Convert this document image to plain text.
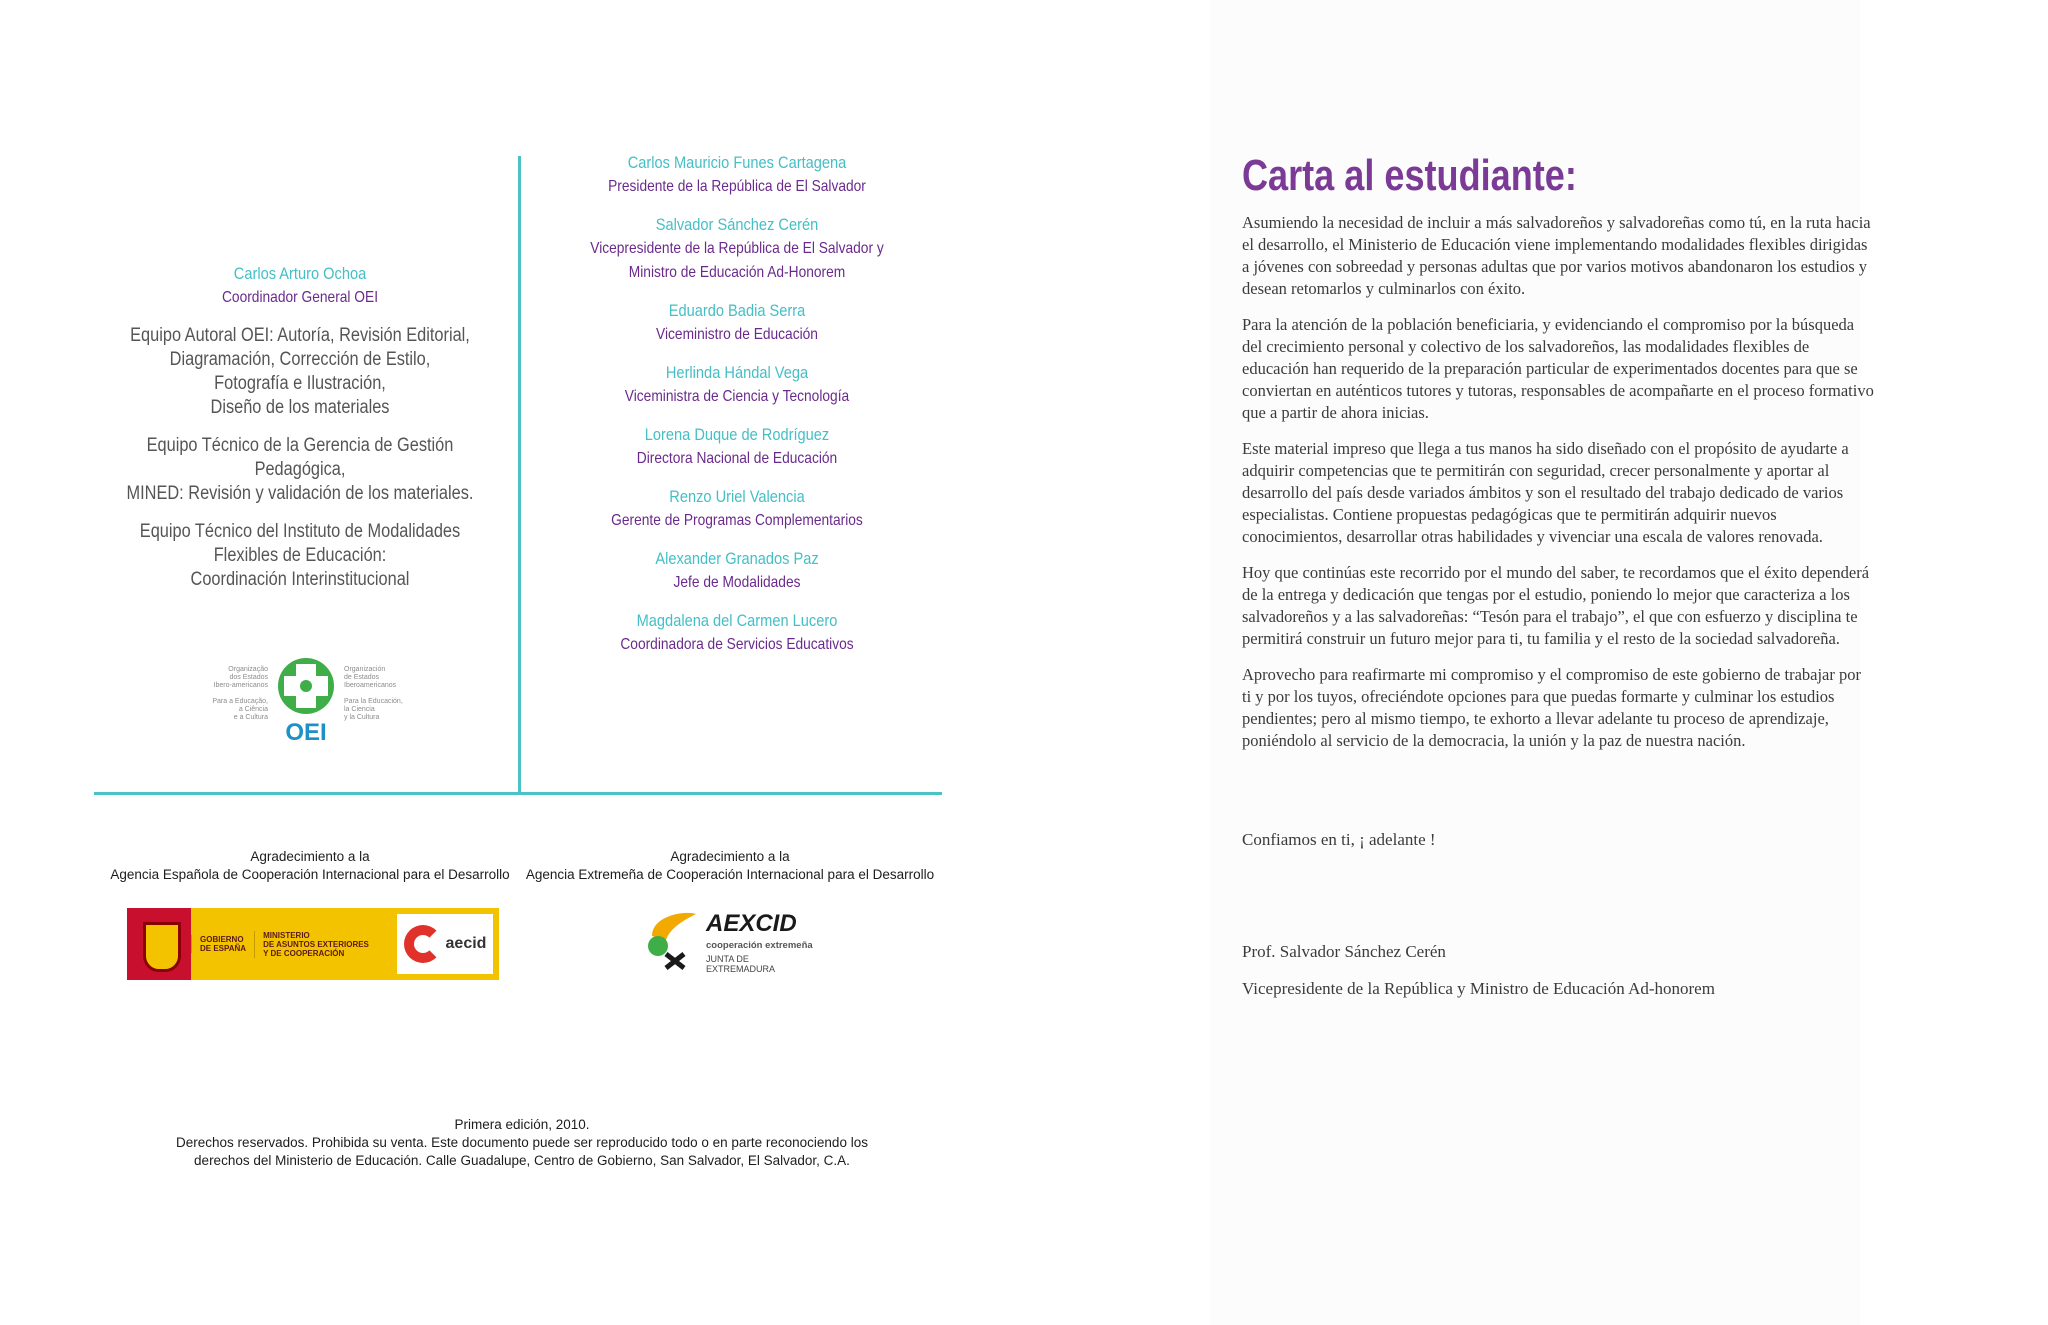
Carlos Arturo Ochoa
Coordinador General OEI
Equipo Autoral OEI: Autoría, Revisión Editorial,
Diagramación, Corrección de Estilo,
Fotografía e Ilustración,
Diseño de los materiales
Equipo Técnico de la Gerencia de Gestión Pedagógica,
MINED: Revisión y validación de los materiales.
Equipo Técnico del Instituto de Modalidades
Flexibles de Educación:
Coordinación Interinstitucional
Carlos Mauricio Funes Cartagena
Presidente de la República de El Salvador
Salvador Sánchez Cerén
Vicepresidente de la República de El Salvador y
Ministro de Educación Ad-Honorem
Eduardo Badia Serra
Viceministro de Educación
Herlinda Hándal Vega
Viceministra de Ciencia y Tecnología
Lorena Duque de Rodríguez
Directora Nacional de Educación
Renzo Uriel Valencia
Gerente de Programas Complementarios
Alexander Granados Paz
Jefe de Modalidades
Magdalena del Carmen Lucero
Coordinadora de Servicios Educativos
Organização
dos Estados
Ibero-americanos
Para a Educação,
a Ciência
e a Cultura
OEI
Organización
de Estados
Iberoamericanos
Para la Educación,
la Ciencia
y la Cultura
Agradecimiento a la
Agencia Española de Cooperación Internacional para el Desarrollo
Agradecimiento a la
Agencia Extremeña de Cooperación Internacional para el Desarrollo
GOBIERNO
DE ESPAÑA
MINISTERIO
DE ASUNTOS EXTERIORES
Y DE COOPERACIÓN
aecid
AEXCID
cooperación extremeña
JUNTA DE EXTREMADURA
Primera edición, 2010.
Derechos reservados. Prohibida su venta. Este documento puede ser reproducido todo o en parte reconociendo los
derechos del Ministerio de Educación. Calle Guadalupe, Centro de Gobierno, San Salvador, El Salvador, C.A.
Carta al estudiante:

Asumiendo la necesidad de incluir a más salvadoreños y salvadoreñas como tú, en la ruta hacia el desarrollo, el Ministerio de Educación viene implementando modalidades flexibles dirigidas a jóvenes con sobreedad y personas adultas que por varios motivos abandonaron los estudios y desean retomarlos y culminarlos con éxito.

Para la atención de la población beneficiaria, y evidenciando el compromiso por la búsqueda del crecimiento personal y colectivo de los salvadoreños, las modalidades flexibles de educación han requerido de la preparación particular de experimentados docentes para que se conviertan en auténticos tutores y tutoras, responsables de acompañarte en el proceso formativo que a partir de ahora inicias.

Este material impreso que llega a tus manos ha sido diseñado con el propósito de ayudarte a adquirir competencias que te permitirán con seguridad, crecer personalmente y aportar al desarrollo del país desde variados ámbitos y son el resultado del trabajo dedicado de varios especialistas. Contiene propuestas pedagógicas que te permitirán adquirir nuevos conocimientos, desarrollar otras habilidades y vivenciar una escala de valores renovada.

Hoy que continúas este recorrido por el mundo del saber, te recordamos que el éxito dependerá de la entrega y dedicación que tengas por el estudio, poniendo lo mejor que caracteriza a los salvadoreños y a las salvadoreñas: “Tesón para el trabajo”, el que con esfuerzo y disciplina te permitirá construir un futuro mejor para ti, tu familia y el resto de la sociedad salvadoreña.

Aprovecho para reafirmarte mi compromiso y el compromiso de este gobierno de trabajar por ti y por los tuyos, ofreciéndote opciones para que puedas formarte y culminar los estudios pendientes; pero al mismo tiempo, te exhorto a llevar adelante tu proceso de aprendizaje, poniéndolo al servicio de la democracia, la unión y la paz de nuestra nación.

Confiamos en ti, ¡ adelante !
Prof. Salvador Sánchez Cerén
Vicepresidente de la República y Ministro de Educación Ad-honorem
